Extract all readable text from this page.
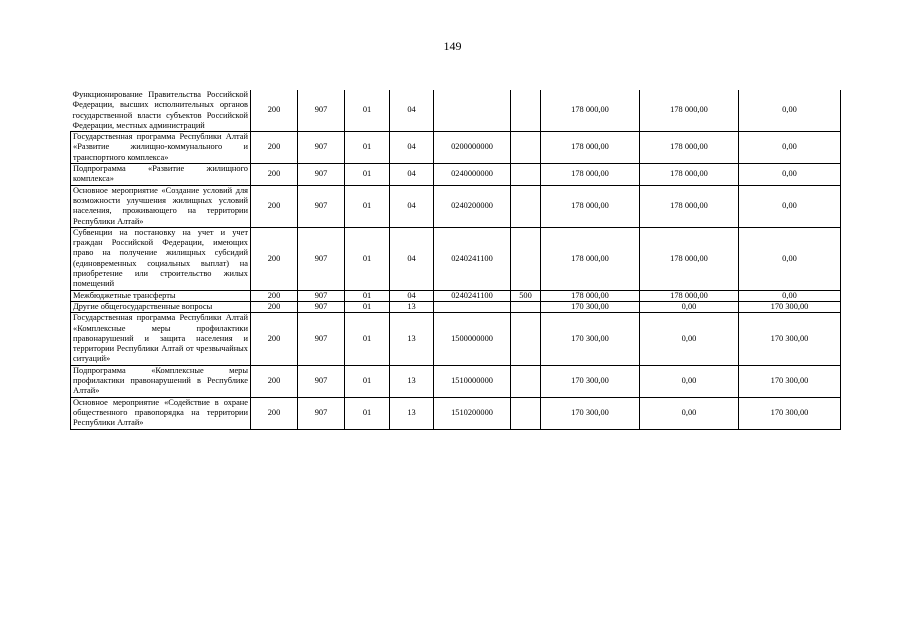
149
Функционирование Правительства Российской Федерации, высших исполнительных органов государственной власти субъектов Российской Федерации, местных администраций	200	907	01	04			178 000,00	178 000,00	0,00
Государственная программа Республики Алтай «Развитие жилищно-коммунального и транспортного комплекса»	200	907	01	04	0200000000		178 000,00	178 000,00	0,00
Подпрограмма «Развитие жилищного комплекса»	200	907	01	04	0240000000		178 000,00	178 000,00	0,00
Основное мероприятие «Создание условий для возможности улучшения жилищных условий населения, проживающего на территории Республики Алтай»	200	907	01	04	0240200000		178 000,00	178 000,00	0,00
Субвенции на постановку на учет и учет граждан Российской Федерации, имеющих право на получение жилищных субсидий (единовременных социальных выплат) на приобретение или строительство жилых помещений	200	907	01	04	0240241100		178 000,00	178 000,00	0,00
Межбюджетные трансферты	200	907	01	04	0240241100	500	178 000,00	178 000,00	0,00
Другие общегосударственные вопросы	200	907	01	13			170 300,00	0,00	170 300,00
Государственная программа Республики Алтай «Комплексные меры профилактики правонарушений и защита населения и территории Республики Алтай от чрезвычайных ситуаций»	200	907	01	13	1500000000		170 300,00	0,00	170 300,00
Подпрограмма «Комплексные меры профилактики правонарушений в Республике Алтай»	200	907	01	13	1510000000		170 300,00	0,00	170 300,00
Основное мероприятие «Содействие в охране общественного правопорядка на территории Республики Алтай»	200	907	01	13	1510200000		170 300,00	0,00	170 300,00
